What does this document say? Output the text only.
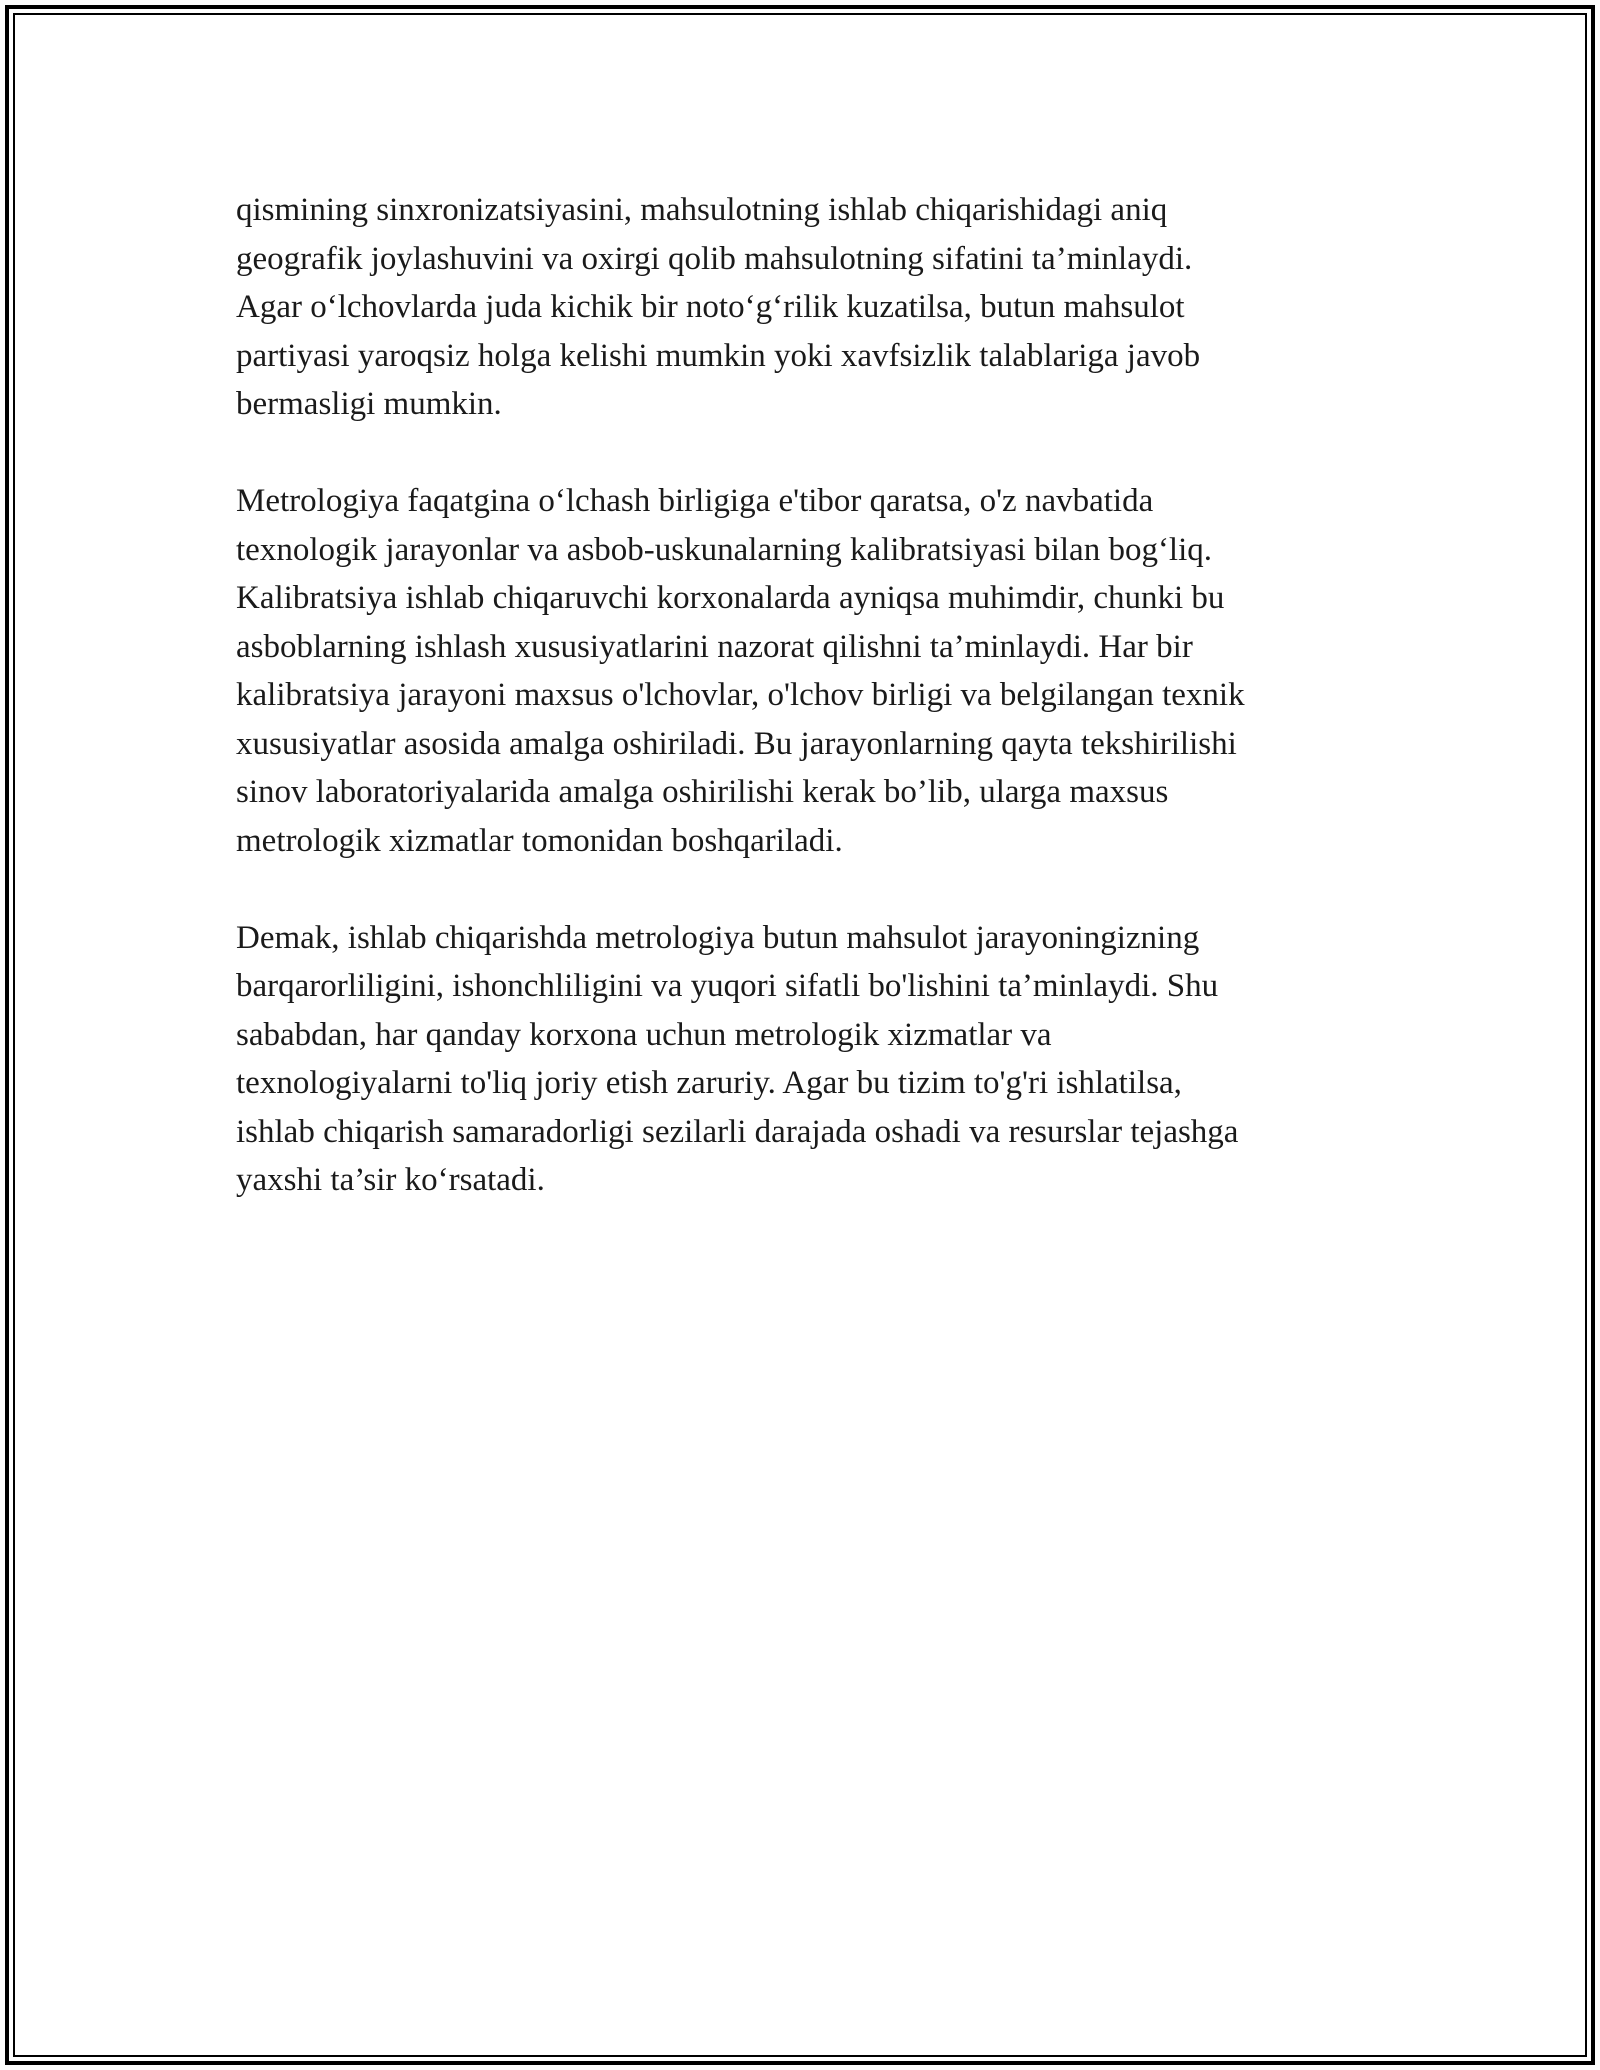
qismining sinxronizatsiyasini, mahsulotning ishlab chiqarishidagi aniq
geografik joylashuvini va oxirgi qolib mahsulotning sifatini ta’minlaydi.
Agar o‘lchovlarda juda kichik bir noto‘g‘rilik kuzatilsa, butun mahsulot
partiyasi yaroqsiz holga kelishi mumkin yoki xavfsizlik talablariga javob
bermasligi mumkin.

Metrologiya faqatgina o‘lchash birligiga e'tibor qaratsa, o'z navbatida
texnologik jarayonlar va asbob-uskunalarning kalibratsiyasi bilan bog‘liq.
Kalibratsiya ishlab chiqaruvchi korxonalarda ayniqsa muhimdir, chunki bu
asboblarning ishlash xususiyatlarini nazorat qilishni ta’minlaydi. Har bir
kalibratsiya jarayoni maxsus o'lchovlar, o'lchov birligi va belgilangan texnik
xususiyatlar asosida amalga oshiriladi. Bu jarayonlarning qayta tekshirilishi
sinov laboratoriyalarida amalga oshirilishi kerak bo’lib, ularga maxsus
metrologik xizmatlar tomonidan boshqariladi.

Demak, ishlab chiqarishda metrologiya butun mahsulot jarayoningizning
barqarorliligini, ishonchliligini va yuqori sifatli bo'lishini ta’minlaydi. Shu
sababdan, har qanday korxona uchun metrologik xizmatlar va
texnologiyalarni to'liq joriy etish zaruriy. Agar bu tizim to'g'ri ishlatilsa,
ishlab chiqarish samaradorligi sezilarli darajada oshadi va resurslar tejashga
yaxshi ta’sir ko‘rsatadi.
